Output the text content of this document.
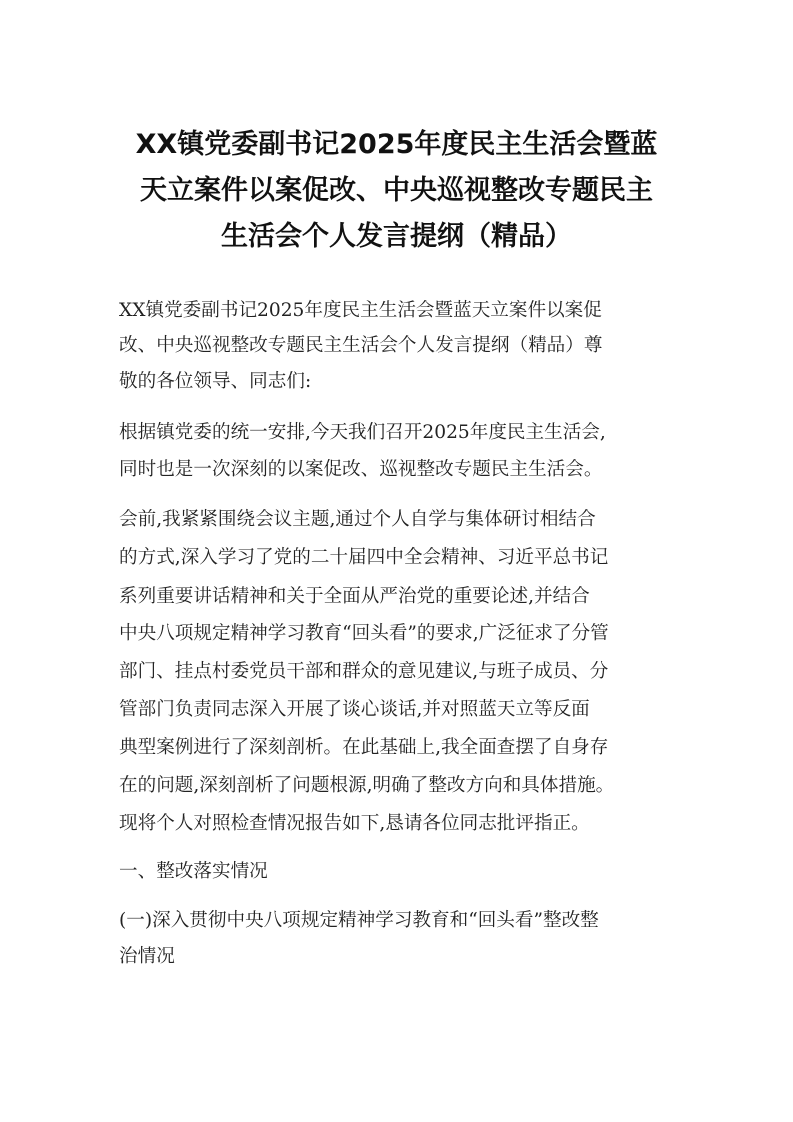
XX镇党委副书记2025年度民主生活会暨蓝
天立案件以案促改、中央巡视整改专题民主
生活会个人发言提纲（精品）
XX镇党委副书记2025年度民主生活会暨蓝天立案件以案促
改、中央巡视整改专题民主生活会个人发言提纲（精品）尊
敬的各位领导、同志们:
根据镇党委的统一安排,今天我们召开2025年度民主生活会,
同时也是一次深刻的以案促改、巡视整改专题民主生活会。
会前,我紧紧围绕会议主题,通过个人自学与集体研讨相结合
的方式,深入学习了党的二十届四中全会精神、习近平总书记
系列重要讲话精神和关于全面从严治党的重要论述,并结合
中央八项规定精神学习教育“回头看”的要求,广泛征求了分管
部门、挂点村委党员干部和群众的意见建议,与班子成员、分
管部门负责同志深入开展了谈心谈话,并对照蓝天立等反面
典型案例进行了深刻剖析。在此基础上,我全面查摆了自身存
在的问题,深刻剖析了问题根源,明确了整改方向和具体措施。
现将个人对照检查情况报告如下,恳请各位同志批评指正。
一、整改落实情况
(一)深入贯彻中央八项规定精神学习教育和“回头看”整改整
治情况
